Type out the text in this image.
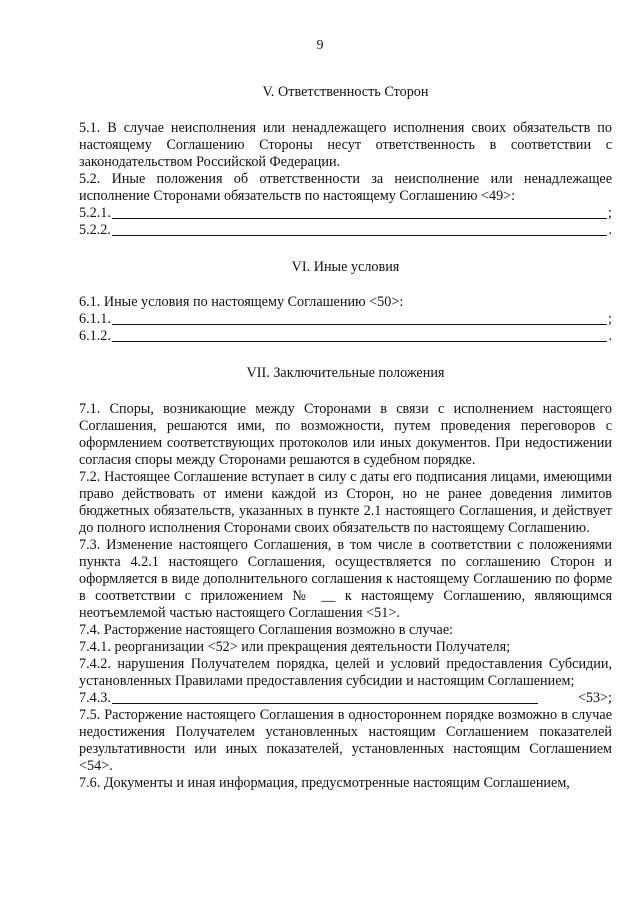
9
V. Ответственность Сторон

5.1. В случае неисполнения или ненадлежащего исполнения своих обязательств по настоящему Соглашению Стороны несут ответственность в соответствии с законодательством Российской Федерации.

5.2. Иные положения об ответственности за неисполнение или ненадлежащее исполнение Сторонами обязательств по настоящему Соглашению <49>:

5.2.1.	;
5.2.2.	.
VI. Иные условия

6.1. Иные условия по настоящему Соглашению <50>:

6.1.1.	;
6.1.2.	.
VII. Заключительные положения

7.1. Споры, возникающие между Сторонами в связи с исполнением настоящего Соглашения, решаются ими, по возможности, путем проведения переговоров с оформлением соответствующих протоколов или иных документов. При недостижении согласия споры между Сторонами решаются в судебном порядке.

7.2. Настоящее Соглашение вступает в силу с даты его подписания лицами, имеющими право действовать от имени каждой из Сторон, но не ранее доведения лимитов бюджетных обязательств, указанных в пункте 2.1 настоящего Соглашения, и действует до полного исполнения Сторонами своих обязательств по настоящему Соглашению.

7.3. Изменение настоящего Соглашения, в том числе в соответствии с положениями пункта 4.2.1 настоящего Соглашения, осуществляется по соглашению Сторон и оформляется в виде дополнительного соглашения к настоящему Соглашению по форме в соответствии с приложением № __ к настоящему Соглашению, являющимся неотъемлемой частью настоящего Соглашения <51>.

7.4. Расторжение настоящего Соглашения возможно в случае:

7.4.1. реорганизации <52> или прекращения деятельности Получателя;

7.4.2. нарушения Получателем порядка, целей и условий предоставления Субсидии, установленных Правилами предоставления субсидии и настоящим Соглашением;

7.4.3.	<53>;

7.5. Расторжение настоящего Соглашения в одностороннем порядке возможно в случае недостижения Получателем установленных настоящим Соглашением показателей результативности или иных показателей, установленных настоящим Соглашением <54>.

7.6. Документы и иная информация, предусмотренные настоящим Соглашением,
